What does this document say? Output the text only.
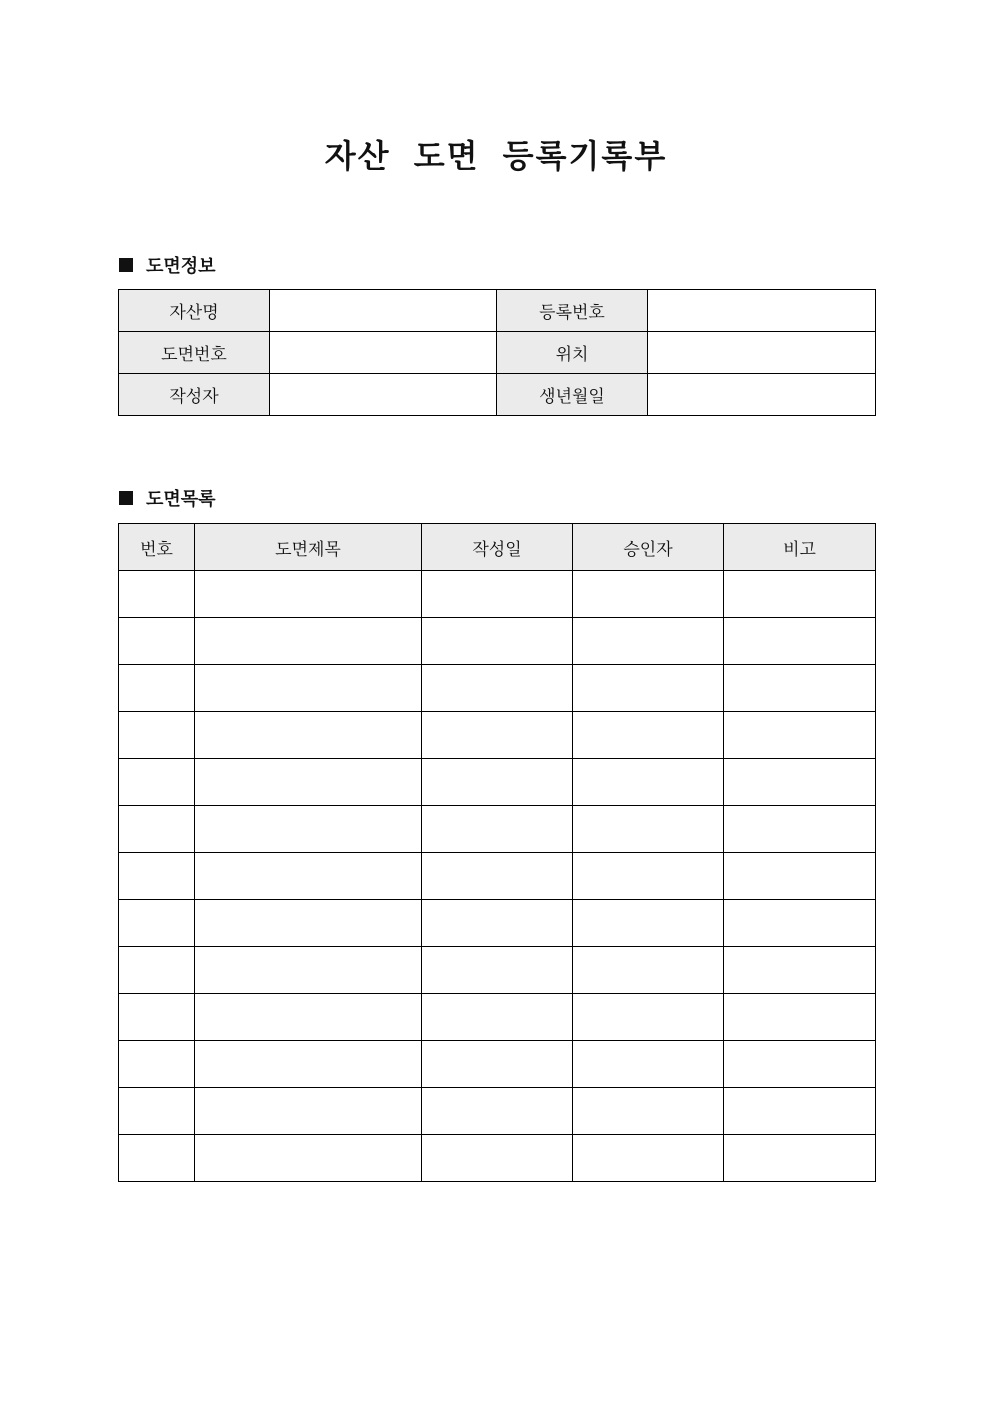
자산 도면 등록기록부
도면정보
자산명		등록번호	
도면번호		위치	
작성자		생년월일	
도면목록
번호	도면제목	작성일	승인자	비고
